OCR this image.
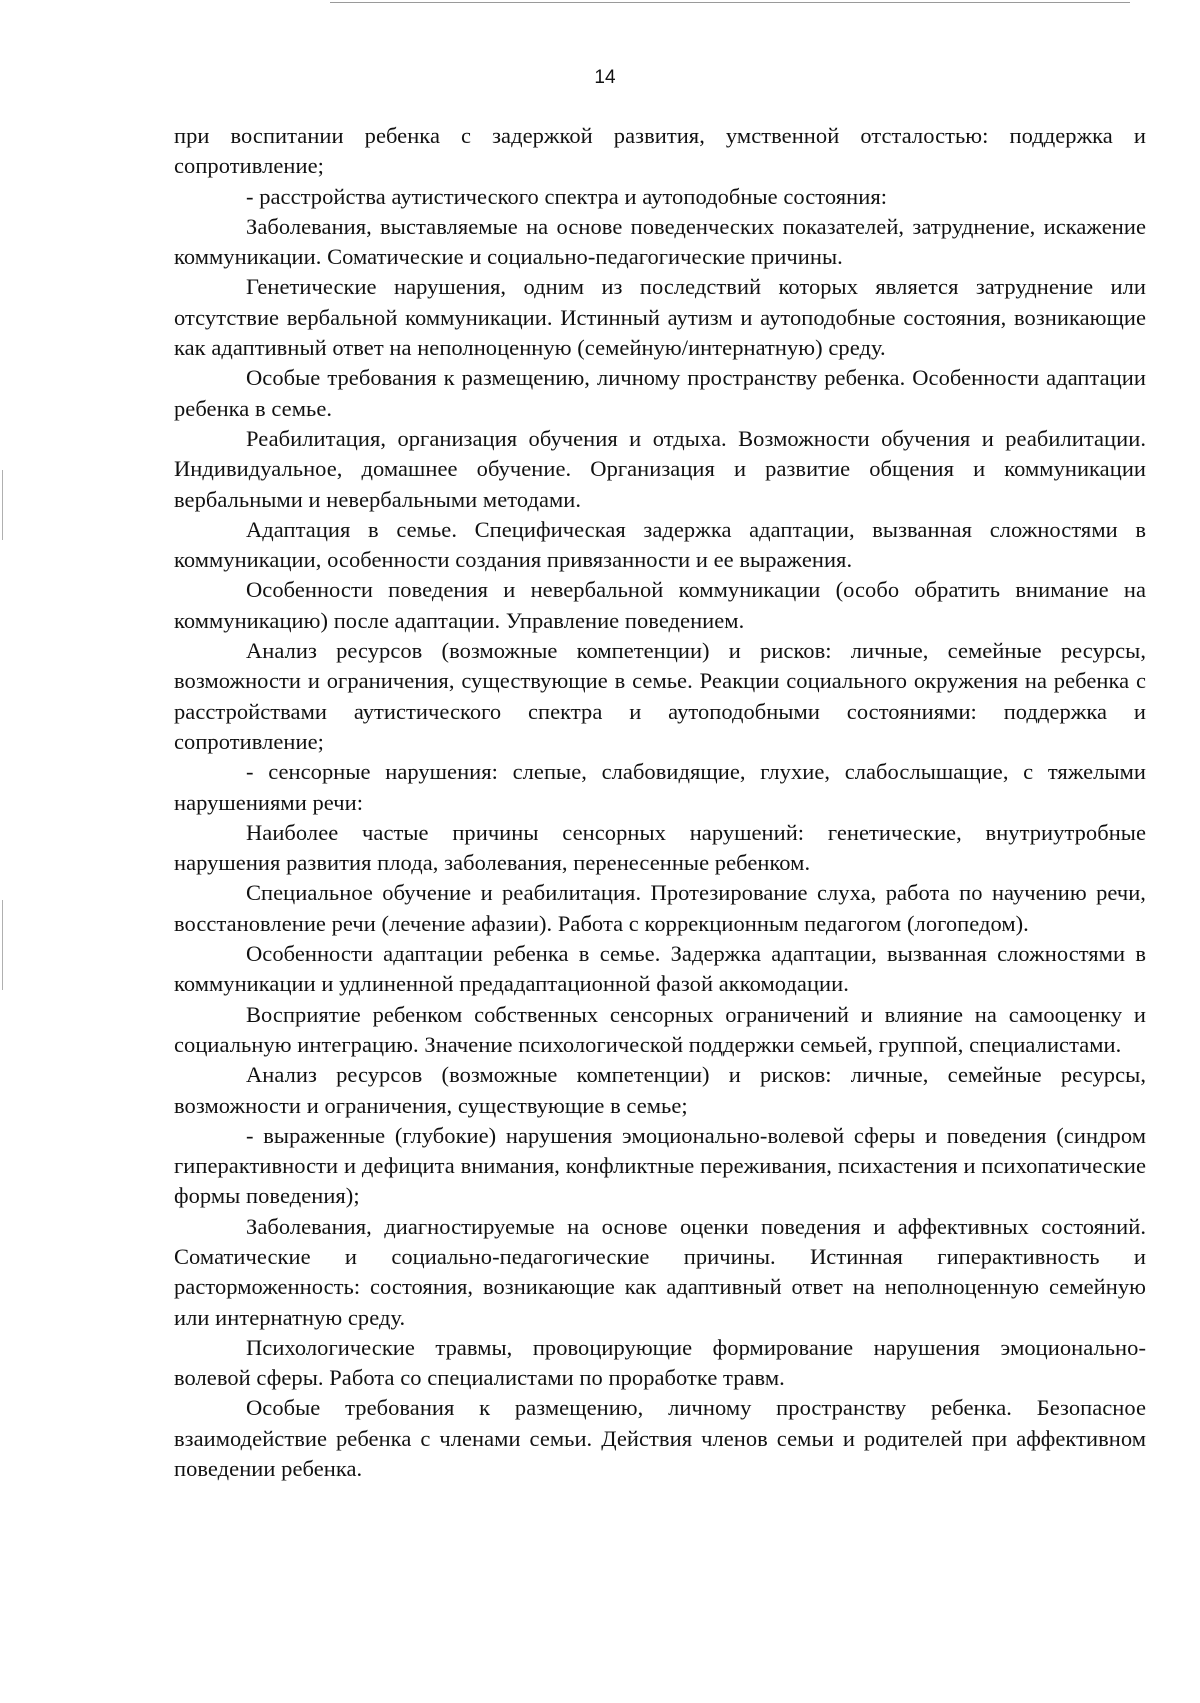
14

при воспитании ребенка с задержкой развития, умственной отсталостью: поддержка и сопротивление;

- расстройства аутистического спектра и аутоподобные состояния:

Заболевания, выставляемые на основе поведенческих показателей, затруднение, искажение коммуникации. Соматические и социально-педагогические причины.

Генетические нарушения, одним из последствий которых является затруднение или отсутствие вербальной коммуникации. Истинный аутизм и аутоподобные состояния, возникающие как адаптивный ответ на неполноценную (семейную/интернатную) среду.

Особые требования к размещению, личному пространству ребенка. Особенности адаптации ребенка в семье.

Реабилитация, организация обучения и отдыха. Возможности обучения и реабилитации. Индивидуальное, домашнее обучение. Организация и развитие общения и коммуникации вербальными и невербальными методами.

Адаптация в семье. Специфическая задержка адаптации, вызванная сложностями в коммуникации, особенности создания привязанности и ее выражения.

Особенности поведения и невербальной коммуникации (особо обратить внимание на коммуникацию) после адаптации. Управление поведением.

Анализ ресурсов (возможные компетенции) и рисков: личные, семейные ресурсы, возможности и ограничения, существующие в семье. Реакции социального окружения на ребенка с расстройствами аутистического спектра и аутоподобными состояниями: поддержка и сопротивление;

- сенсорные нарушения: слепые, слабовидящие, глухие, слабослышащие, с тяжелыми нарушениями речи:

Наиболее частые причины сенсорных нарушений: генетические, внутриутробные нарушения развития плода, заболевания, перенесенные ребенком.

Специальное обучение и реабилитация. Протезирование слуха, работа по научению речи, восстановление речи (лечение афазии). Работа с коррекционным педагогом (логопедом).

Особенности адаптации ребенка в семье. Задержка адаптации, вызванная сложностями в коммуникации и удлиненной предадаптационной фазой аккомодации.

Восприятие ребенком собственных сенсорных ограничений и влияние на самооценку и социальную интеграцию. Значение психологической поддержки семьей, группой, специалистами.

Анализ ресурсов (возможные компетенции) и рисков: личные, семейные ресурсы, возможности и ограничения, существующие в семье;

- выраженные (глубокие) нарушения эмоционально-волевой сферы и поведения (синдром гиперактивности и дефицита внимания, конфликтные переживания, психастения и психопатические формы поведения);

Заболевания, диагностируемые на основе оценки поведения и аффективных состояний. Соматические и социально-педагогические причины. Истинная гиперактивность и расторможенность: состояния, возникающие как адаптивный ответ на неполноценную семейную или интернатную среду.

Психологические травмы, провоцирующие формирование нарушения эмоционально-волевой сферы. Работа со специалистами по проработке травм.

Особые требования к размещению, личному пространству ребенка. Безопасное взаимодействие ребенка с членами семьи. Действия членов семьи и родителей при аффективном поведении ребенка.
